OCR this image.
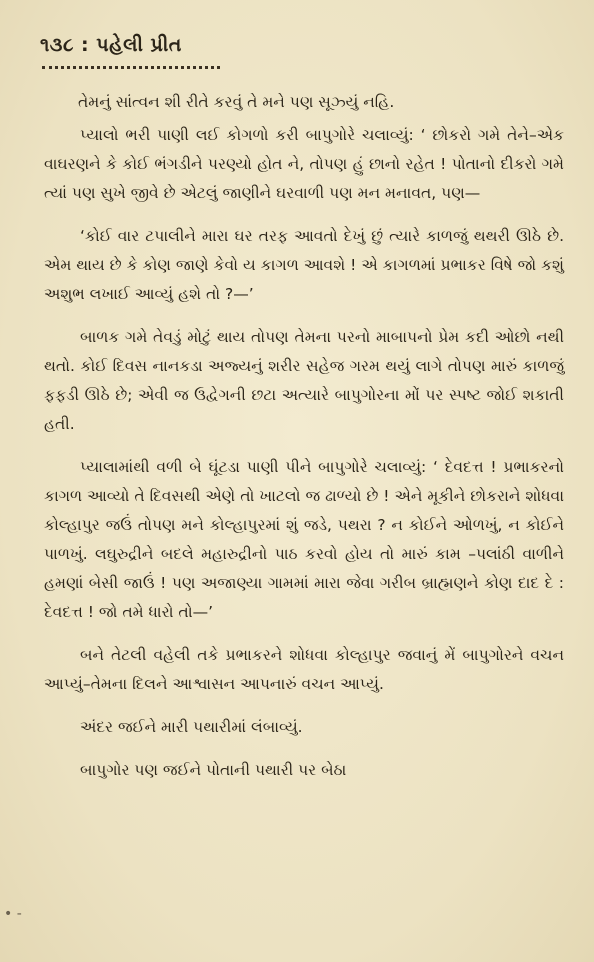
૧૩૮ : પહેલી પ્રીત

તેમનું સાંત્વન શી રીતે કરવું તે મને પણ સૂઝ્યું નહિ.

પ્યાલો ભરી પાણી લઈ કોગળો કરી બાપુગોરે ચલાવ્યું: ‘ છોકરો ગમે તેને–એક વાઘરણને કે કોઈ ભંગડીને પરણ્યો હોત ને, તોપણ હું છાનો રહેત ! પોતાનો દીકરો ગમે ત્યાં પણ સુખે જીવે છે એટલું જાણીને ઘરવાળી પણ મન મનાવત, પણ—

‘કોઈ વાર ટપાલીને મારા ઘર તરફ આવતો દેખું છું ત્યારે કાળજું થથરી ઊઠે છે. એમ થાય છે કે કોણ જાણે કેવો ય કાગળ આવશે ! એ કાગળમાં પ્રભાકર વિષે જો કશું અશુભ લખાઈ આવ્યું હશે તો ?—’

બાળક ગમે તેવડું મોટું થાય તોપણ તેમના પરનો માબાપનો પ્રેમ કદી ઓછો નથી થતો. કોઈ દિવસ નાનકડા અજ્યનું શરીર સહેજ ગરમ થયું લાગે તોપણ મારું કાળજું ફફડી ઊઠે છે; એવી જ ઉદ્વેગની છટા અત્યારે બાપુગોરના મોં પર સ્પષ્ટ જોઈ શકાતી હતી.

પ્યાલામાંથી વળી બે ઘૂંટડા પાણી પીને બાપુગોરે ચલાવ્યું: ‘ દેવદત્ત ! પ્રભાકરનો કાગળ આવ્યો તે દિવસથી એણે તો ખાટલો જ ઢાળ્યો છે ! એને મૂકીને છોકરાને શોધવા કોલ્હાપુર જઉં તોપણ મને કોલ્હાપુરમાં શું જડે, પથરા ? ન કોઈને ઓળખું, ન કોઈને પાળખું. લઘુરુદ્રીને બદલે મહારુદ્રીનો પાઠ કરવો હોય તો મારું કામ –પલાંઠી વાળીને હમણાં બેસી જાઉં ! પણ અજાણ્યા ગામમાં મારા જેવા ગરીબ બ્રાહ્મણને કોણ દાદ દે : દેવદત્ત ! જો તમે ધારો તો—’

બને તેટલી વહેલી તકે પ્રભાકરને શોધવા કોલ્હાપુર જવાનું મેં બાપુગોરને વચન આપ્યું–તેમના દિલને આશ્વાસન આપનારું વચન આપ્યું.

અંદર જઈને મારી પથારીમાં લંબાવ્યું.

બાપુગોર પણ જઈને પોતાની પથારી પર બેઠા

• -
